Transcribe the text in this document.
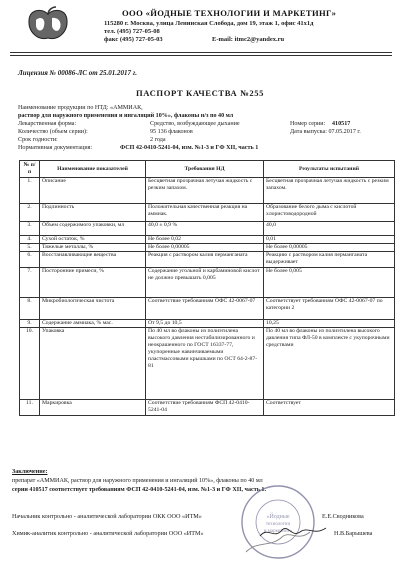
ООО «ЙОДНЫЕ ТЕХНОЛОГИИ И МАРКЕТИНГ»
115280 г. Москва, улица Ленинская Слобода, дом 19, этаж 1, офис 41х1д
тел. (495) 727-05-08
факс (495) 727-05-03	E-mail: itmc2@yandex.ru
Лицензия № 00086-ЛС от 25.01.2017 г.
ПАСПОРТ КАЧЕСТВА №255
Наименование продукции по НТД: «АММИАК,
раствор для наружного применения и ингаляций 10%», флаконы н/з по 40 мл
Лекарственная форма:	Средство, возбуждающее дыхание	Номер серии: 410517
Количество (объем серии):	95 136 флаконов	Дата выпуска: 07.05.2017 г.
Срок годности:	2 года
Нормативная документация:	ФСП 42-0410-5241-04, изм. №1-3 и ГФ XII, часть 1
№ п/п	Наименование показателей	Требования НД	Результаты испытаний
1.	Описание	Бесцветная прозрачная летучая жидкость с резким запахом.	Бесцветная прозрачная летучая жидкость с резким запахом.
2.	Подлинность	Положительная качественная реакция на аммиак.	Образование белого дыма с кислотой хлористоводородной
3.	Объем содержимого упаковки, мл	40,0 ± 0,9 %	40,0
4.	Сухой остаток, %	Не более 0,02	0,01
5.	Тяжелые металлы, %	Не более 0,00005	Не более 0,00005
6.	Восстанавливающие вещества	Реакция с раствором калия перманганата	Реакцию с раствором калия перманганата выдерживает
7.	Посторонние примеси, %	Содержание угольной и карбаминовой кислот не должно превышать 0,005	Не более 0,005
8.	Микробиологическая чистота	Соответствие требованиям ОФС 42-0067-07	Соответствует требованиям ОФС 42-0067-07 по категории 2
9.	Содержание аммиака, % мас.	От 9,5 до 10,5	10,25
10.	Упаковка	По 40 мл во флаконы из полиэтилена высокого давления нестабилизированного и неокрашенного по ГОСТ 16337-77, укупоренные навинчиваемыми пластмассовыми крышками по ОСТ 64-2-87-81	По 40 мл во флаконы из полиэтилена высокого давления типа ФЛ-50 в комплекте с укупорочными средствами
11.	Маркировка	Соответствие требованиям ФСП 42-0410-5241-04	Соответствует
Заключение:
препарат «АММИАК, раствор для наружного применения и ингаляций 10%», флаконы по 40 мл
серии 410517 соответствует требованиям ФСП 42-0410-5241-04, изм. №1-3 и ГФ XII, часть 1.
Начальник контрольно - аналитической лаборатории ОКК ООО «ИТМ»	Е.Е.Сводникова
Химик-аналитик контрольно - аналитической лаборатории ООО «ИТМ»	Н.В.Барышева
«Йодные
технологии
и маркетинг»
